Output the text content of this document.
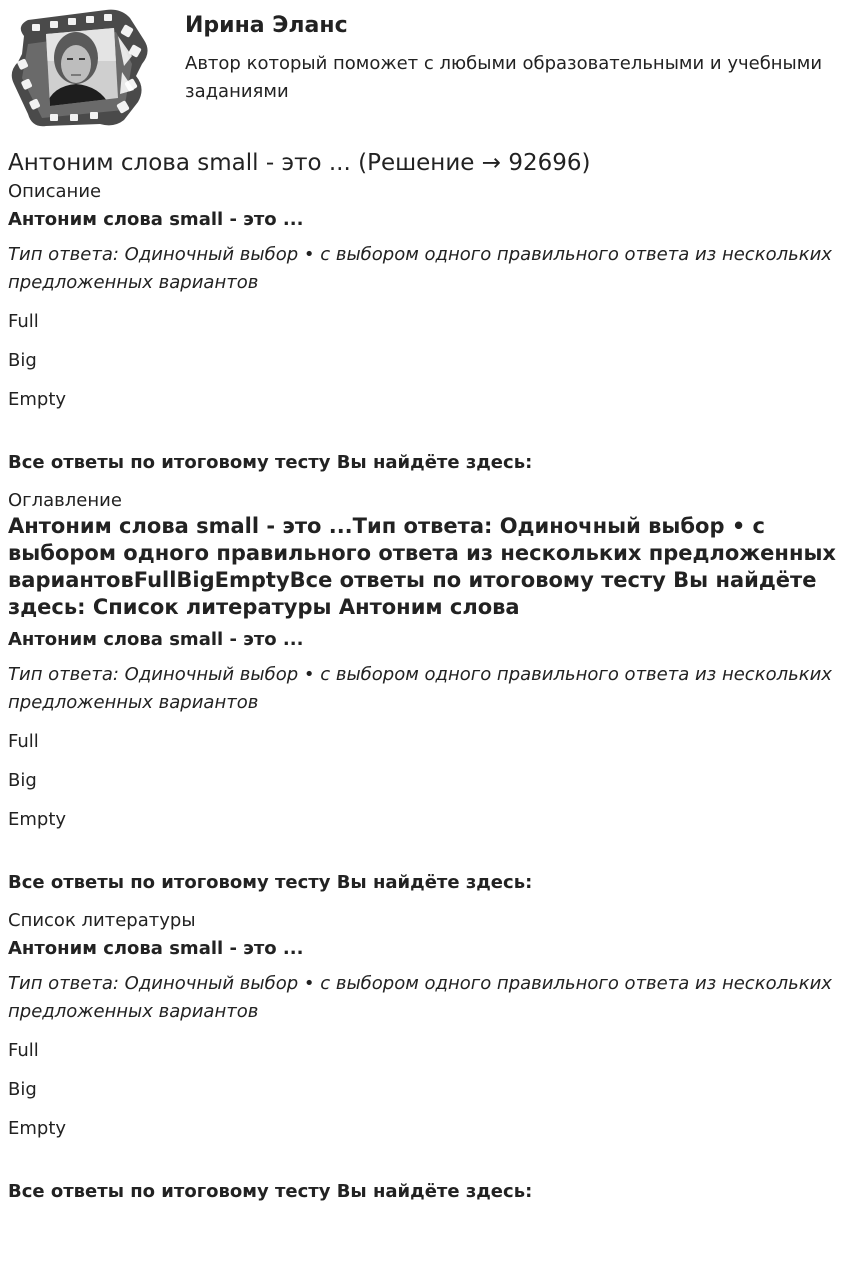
Ирина Эланс

Автор который поможет с любыми образовательными и учебными заданиями

Антоним слова small - это ... (Решение → 92696)

Описание

Антоним слова small - это ...

Тип ответа: Одиночный выбор • с выбором одного правильного ответа из нескольких предложенных вариантов

Full

Big

Empty

Все ответы по итоговому тесту Вы найдёте здесь:

Оглавление

Антоним слова small - это ...Тип ответа: Одиночный выбор • с выбором одного правильного ответа из нескольких предложенных вариантовFullBigEmptyВсе ответы по итоговому тесту Вы найдёте здесь: Список литературы Антоним слова

Антоним слова small - это ...

Тип ответа: Одиночный выбор • с выбором одного правильного ответа из нескольких предложенных вариантов

Full

Big

Empty

Все ответы по итоговому тесту Вы найдёте здесь:

Список литературы

Антоним слова small - это ...

Тип ответа: Одиночный выбор • с выбором одного правильного ответа из нескольких предложенных вариантов

Full

Big

Empty

Все ответы по итоговому тесту Вы найдёте здесь:
